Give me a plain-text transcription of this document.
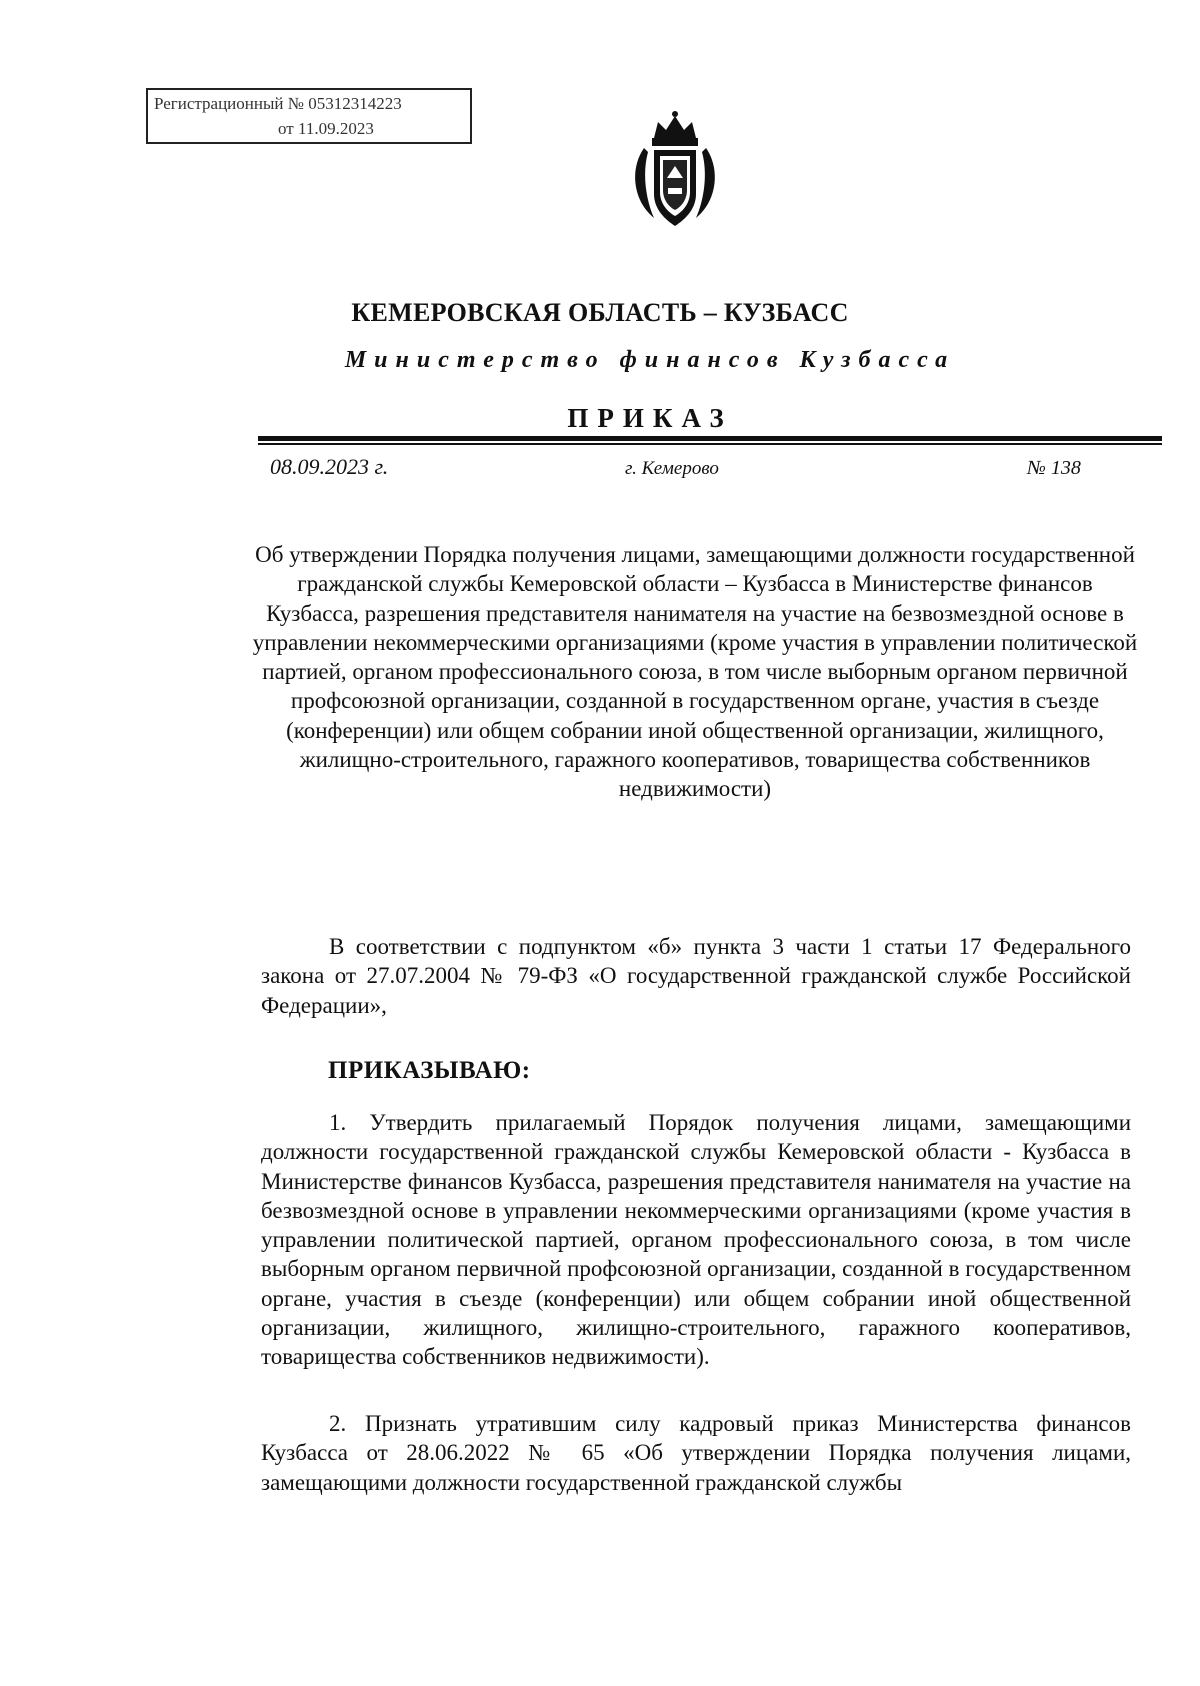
Регистрационный № 05312314223
от 11.09.2023
КЕМЕРОВСКАЯ ОБЛАСТЬ – КУЗБАСС
Министерство финансов Кузбасса
ПРИКАЗ
08.09.2023 г.	г. Кемерово	№ 138
Об утверждении Порядка получения лицами, замещающими должности государственной гражданской службы Кемеровской области – Кузбасса в Министерстве финансов Кузбасса, разрешения представителя нанимателя на участие на безвозмездной основе в управлении некоммерческими организациями (кроме участия в управлении политической партией, органом профессионального союза, в том числе выборным органом первичной профсоюзной организации, созданной в государственном органе, участия в съезде (конференции) или общем собрании иной общественной организации, жилищного, жилищно-строительного, гаражного кооперативов, товарищества собственников недвижимости)
В соответствии с подпунктом «б» пункта 3 части 1 статьи 17 Федерального закона от 27.07.2004 № 79-ФЗ «О государственной гражданской службе Российской Федерации»,
ПРИКАЗЫВАЮ:
1. Утвердить прилагаемый Порядок получения лицами, замещающими должности государственной гражданской службы Кемеровской области - Кузбасса в Министерстве финансов Кузбасса, разрешения представителя нанимателя на участие на безвозмездной основе в управлении некоммерческими организациями (кроме участия в управлении политической партией, органом профессионального союза, в том числе выборным органом первичной профсоюзной организации, созданной в государственном органе, участия в съезде (конференции) или общем собрании иной общественной организации, жилищного, жилищно-строительного, гаражного кооперативов, товарищества собственников недвижимости).
2. Признать утратившим силу кадровый приказ Министерства финансов Кузбасса от 28.06.2022 № 65 «Об утверждении Порядка получения лицами, замещающими должности государственной гражданской службы
